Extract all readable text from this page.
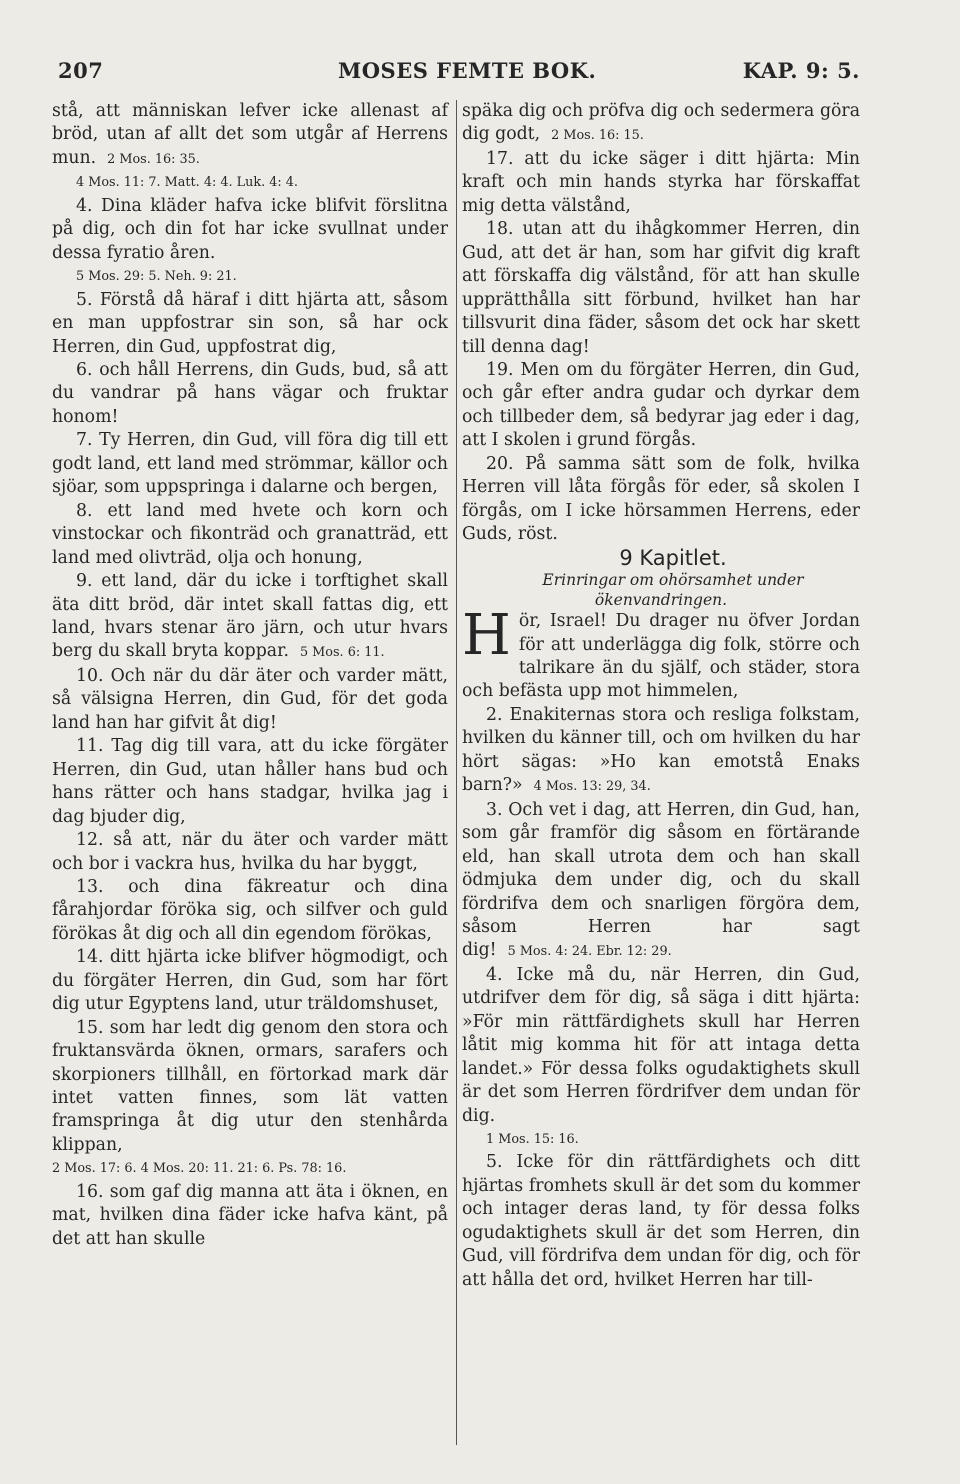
207	MOSES FEMTE BOK.	KAP. 9: 5.

stå, att människan lefver icke allenast af bröd, utan af allt det som utgår af Herrens mun. 2 Mos. 16: 35.

4 Mos. 11: 7. Matt. 4: 4. Luk. 4: 4.

4. Dina kläder hafva icke blifvit förslitna på dig, och din fot har icke svullnat under dessa fyratio åren.

5 Mos. 29: 5. Neh. 9: 21.

5. Förstå då häraf i ditt hjärta att, såsom en man uppfostrar sin son, så har ock Herren, din Gud, uppfostrat dig,

6. och håll Herrens, din Guds, bud, så att du vandrar på hans vägar och fruktar honom!

7. Ty Herren, din Gud, vill föra dig till ett godt land, ett land med strömmar, källor och sjöar, som uppspringa i dalarne och bergen,

8. ett land med hvete och korn och vinstockar och fikonträd och granatträd, ett land med olivträd, olja och honung,

9. ett land, där du icke i torftighet skall äta ditt bröd, där intet skall fattas dig, ett land, hvars stenar äro järn, och utur hvars berg du skall bryta koppar. 5 Mos. 6: 11.

10. Och när du där äter och varder mätt, så välsigna Herren, din Gud, för det goda land han har gifvit åt dig!

11. Tag dig till vara, att du icke förgäter Herren, din Gud, utan håller hans bud och hans rätter och hans stadgar, hvilka jag i dag bjuder dig,

12. så att, när du äter och varder mätt och bor i vackra hus, hvilka du har byggt,

13. och dina fäkreatur och dina fårahjordar föröka sig, och silfver och guld förökas åt dig och all din egendom förökas,

14. ditt hjärta icke blifver högmodigt, och du förgäter Herren, din Gud, som har fört dig utur Egyptens land, utur träldomshuset,

15. som har ledt dig genom den stora och fruktansvärda öknen, ormars, sarafers och skorpioners tillhåll, en förtorkad mark där intet vatten finnes, som lät vatten framspringa åt dig utur den stenhårda klippan,

2 Mos. 17: 6. 4 Mos. 20: 11. 21: 6. Ps. 78: 16.

16. som gaf dig manna att äta i öknen, en mat, hvilken dina fäder icke hafva känt, på det att han skulle

späka dig och pröfva dig och sedermera göra dig godt, 2 Mos. 16: 15.

17. att du icke säger i ditt hjärta: Min kraft och min hands styrka har förskaffat mig detta välstånd,

18. utan att du ihågkommer Herren, din Gud, att det är han, som har gifvit dig kraft att förskaffa dig välstånd, för att han skulle upprätthålla sitt förbund, hvilket han har tillsvurit dina fäder, såsom det ock har skett till denna dag!

19. Men om du förgäter Herren, din Gud, och går efter andra gudar och dyrkar dem och tillbeder dem, så bedyrar jag eder i dag, att I skolen i grund förgås.

20. På samma sätt som de folk, hvilka Herren vill låta förgås för eder, så skolen I förgås, om I icke hörsammen Herrens, eder Guds, röst.

9 Kapitlet.

Erinringar om ohörsamhet under ökenvandringen.

Hör, Israel! Du drager nu öfver Jordan för att underlägga dig folk, större och talrikare än du själf, och städer, stora och befästa upp mot himmelen,

2. Enakiternas stora och resliga folkstam, hvilken du känner till, och om hvilken du har hört sägas: »Ho kan emotstå Enaks barn?» 4 Mos. 13: 29, 34.

3. Och vet i dag, att Herren, din Gud, han, som går framför dig såsom en förtärande eld, han skall utrota dem och han skall ödmjuka dem under dig, och du skall fördrifva dem och snarligen förgöra dem, såsom Herren har sagt dig! 5 Mos. 4: 24. Ebr. 12: 29.

4. Icke må du, när Herren, din Gud, utdrifver dem för dig, så säga i ditt hjärta: »För min rättfärdighets skull har Herren låtit mig komma hit för att intaga detta landet.» För dessa folks ogudaktighets skull är det som Herren fördrifver dem undan för dig.

1 Mos. 15: 16.

5. Icke för din rättfärdighets och ditt hjärtas fromhets skull är det som du kommer och intager deras land, ty för dessa folks ogudaktighets skull är det som Herren, din Gud, vill fördrifva dem undan för dig, och för att hålla det ord, hvilket Herren har till-
